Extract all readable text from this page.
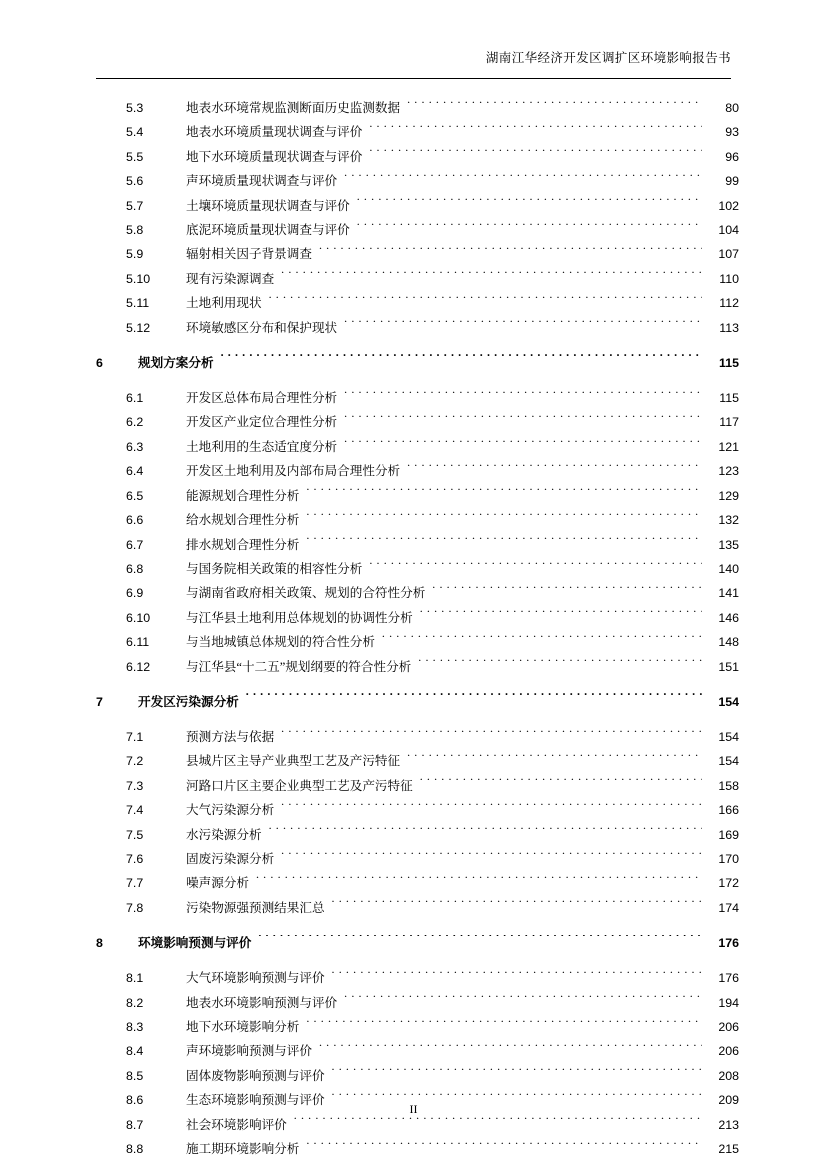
湖南江华经济开发区调扩区环境影响报告书
5.3	地表水环境常规监测断面历史监测数据 . . .	80
5.4	地表水环境质量现状调查与评价 . . .	93
5.5	地下水环境质量现状调查与评价 . . .	96
5.6	声环境质量现状调查与评价 . . .	99
5.7	土壤环境质量现状调查与评价 . . .	102
5.8	底泥环境质量现状调查与评价 . . .	104
5.9	辐射相关因子背景调查 . . .	107
5.10	现有污染源调查 . . .	110
5.11	土地利用现状 . . .	112
5.12	环境敏感区分布和保护现状 . . .	113
6	规划方案分析 . . .	115
6.1	开发区总体布局合理性分析 . . .	115
6.2	开发区产业定位合理性分析 . . .	117
6.3	土地利用的生态适宜度分析 . . .	121
6.4	开发区土地利用及内部布局合理性分析 . . .	123
6.5	能源规划合理性分析 . . .	129
6.6	给水规划合理性分析 . . .	132
6.7	排水规划合理性分析 . . .	135
6.8	与国务院相关政策的相容性分析 . . .	140
6.9	与湖南省政府相关政策、规划的合符性分析 . . .	141
6.10	与江华县土地利用总体规划的协调性分析 . . .	146
6.11	与当地城镇总体规划的符合性分析 . . .	148
6.12	与江华县“十二五”规划纲要的符合性分析 . . .	151
7	开发区污染源分析 . . .	154
7.1	预测方法与依据 . . .	154
7.2	县城片区主导产业典型工艺及产污特征 . . .	154
7.3	河路口片区主要企业典型工艺及产污特征 . . .	158
7.4	大气污染源分析 . . .	166
7.5	水污染源分析 . . .	169
7.6	固废污染源分析 . . .	170
7.7	噪声源分析 . . .	172
7.8	污染物源强预测结果汇总 . . .	174
8	环境影响预测与评价 . . .	176
8.1	大气环境影响预测与评价 . . .	176
8.2	地表水环境影响预测与评价 . . .	194
8.3	地下水环境影响分析 . . .	206
8.4	声环境影响预测与评价 . . .	206
8.5	固体废物影响预测与评价 . . .	208
8.6	生态环境影响预测与评价 . . .	209
8.7	社会环境影响评价 . . .	213
8.8	施工期环境影响分析 . . .	215
II
